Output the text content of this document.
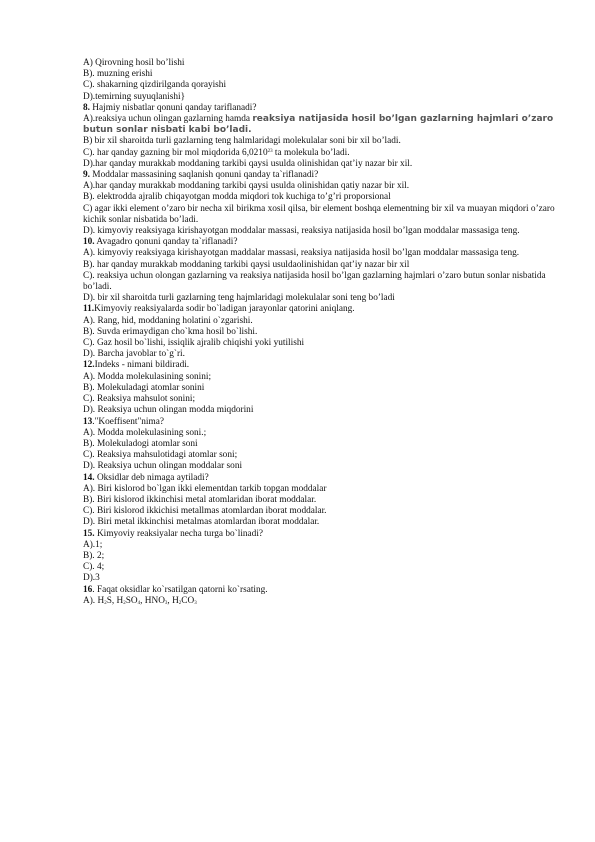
A) Qirovning hosil bo’lishi
B). muzning erishi
C). shakarning qizdirilganda qorayishi
D).temirning suyuqlanishi}
8. Hajmiy nisbatlar qonuni qanday tariflanadi?
A).reaksiya uchun olingan gazlarning hamda reaksiya natijasida hosil bo’lgan gazlarning hajmlari o’zaro butun sonlar nisbati kabi bo’ladi.
B) bir xil sharoitda turli gazlarning teng halmlaridagi molekulalar soni bir xil bo’ladi.
C). har qanday gazning bir mol miqdorida 6,0210$^{23}$ ta molekula bo’ladi.
D).har qanday murakkab moddaning tarkibi qaysi usulda olinishidan qat’iy nazar bir xil.
9. Moddalar massasining saqlanish qonuni qanday ta`riflanadi?
A).har qanday murakkab moddaning tarkibi qaysi usulda olinishidan qatiy nazar bir xil.
B). elektrodda ajralib chiqayotgan modda miqdori tok kuchiga to’g’ri proporsional
C) agar ikki element o’zaro bir necha xil birikma xosil qilsa, bir element boshqa elementning bir xil va muayan miqdori o’zaro kichik sonlar nisbatida bo’ladi.
D). kimyoviy reaksiyaga kirishayotgan moddalar massasi, reaksiya natijasida hosil bo’lgan moddalar massasiga teng.
10. Avagadro qonuni qanday ta`riflanadi?
A). kimyoviy reaksiyaga kirishayotgan maddalar massasi, reaksiya natijasida hosil bo’lgan moddalar massasiga teng.
B). har qanday murakkab moddaning tarkibi qaysi usuldaolinishidan qat’iy nazar bir xil
C). reaksiya uchun olongan gazlarning va reaksiya natijasida hosil bo’lgan gazlarning hajmlari o’zaro butun sonlar nisbatida bo’ladi.
D). bir xil sharoitda turli gazlarning teng hajmlaridagi molekulalar soni teng bo’ladi
11.Kimyoviy reaksiyalarda sodir bo`ladigan jarayonlar qatorini aniqlang.
A). Rang, hid, moddaning holatini o`zgarishi.
B). Suvda erimaydigan cho`kma hosil bo`lishi.
C). Gaz hosil bo`lishi, issiqlik ajralib chiqishi yoki yutilishi
D). Barcha javoblar to`g`ri.
12.Indeks - nimani bildiradi.
A). Modda molekulasining sonini;
B). Molekuladagi atomlar sonini
C). Reaksiya mahsulot sonini;
D). Reaksiya uchun olingan modda miqdorini
13."Koeffisent"nima?
A). Modda molekulasining soni.;
B). Molekuladogi atomlar soni
C). Reaksiya mahsulotidagi atomlar soni;
D). Reaksiya uchun olingan moddalar soni
14. Oksidlar deb nimaga aytiladi?
A). Biri kislorod bo`lgan ikki elementdan tarkib topgan moddalar
B). Biri kislorod ikkinchisi metal atomlaridan iborat moddalar.
C). Biri kislorod ikkichisi metallmas atomlardan iborat moddalar.
D). Biri metal ikkinchisi metalmas atomlardan iborat moddalar.
15. Kimyoviy reaksiyalar necha turga bo`linadi?
A).1;
B). 2;
C). 4;
D).3
16. Faqat oksidlar ko`rsatilgan qatorni ko`rsating.
A). $H_2S$, $H_2SO_4$, $HNO_3$, $H_2CO_3$
